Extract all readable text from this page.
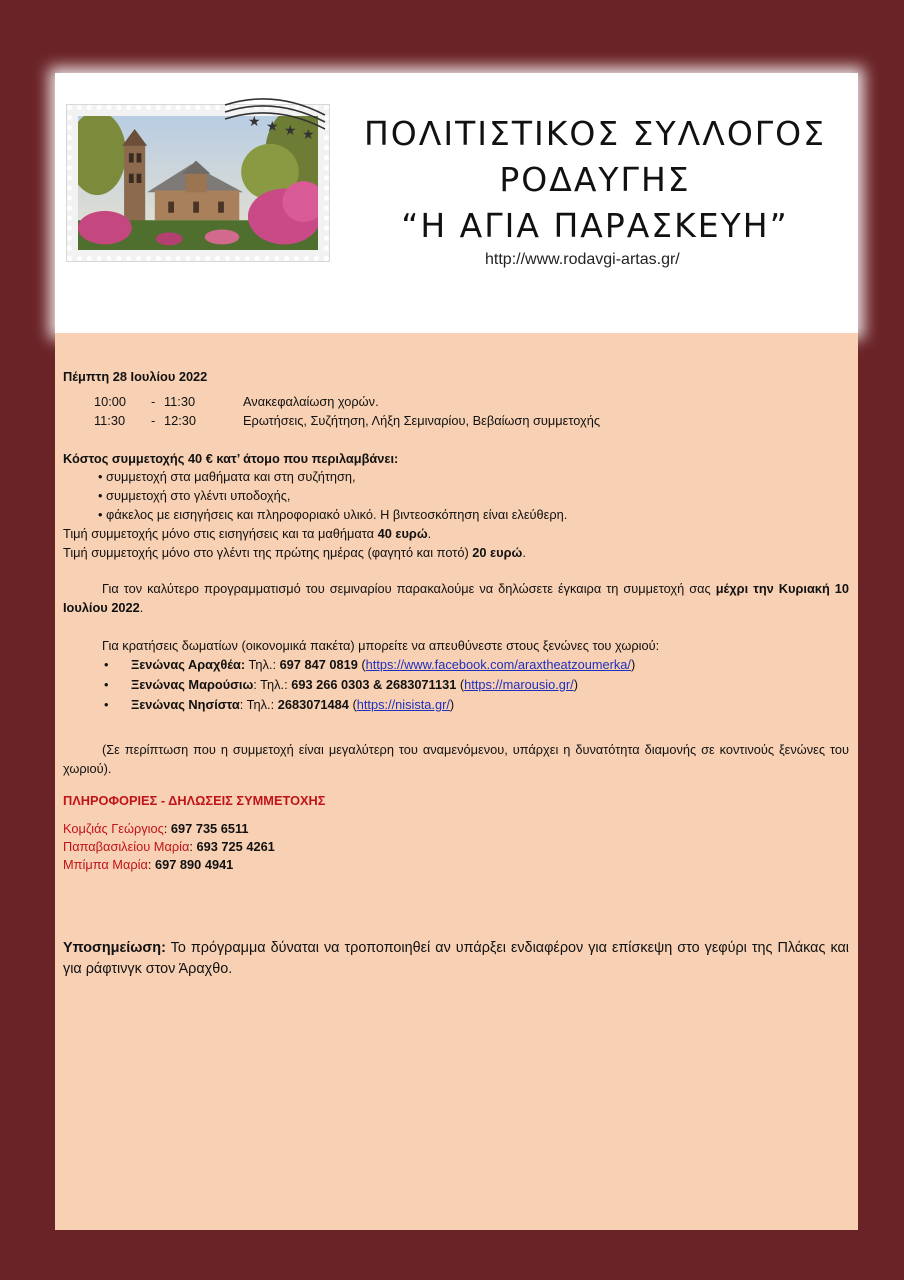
★ ★ ★ ★	ΠΟΛΙΤΙΣΤΙΚΟΣ ΣΥΛΛΟΓΟΣ
ΡΟΔΑΥΓΗΣ
“Η ΑΓΙΑ ΠΑΡΑΣΚΕΥΗ”
http://www.rodavgi-artas.gr/
Πέμπτη 28 Ιουλίου 2022
10:00 - 11:30	Ανακεφαλαίωση χορών.
11:30 - 12:30	Ερωτήσεις, Συζήτηση, Λήξη Σεμιναρίου, Βεβαίωση συμμετοχής
Κόστος συμμετοχής 40 € κατ’ άτομο που περιλαμβάνει:
• συμμετοχή στα μαθήματα και στη συζήτηση,
• συμμετοχή στο γλέντι υποδοχής,
• φάκελος με εισηγήσεις και πληροφοριακό υλικό. Η βιντεοσκόπηση είναι ελεύθερη.
Τιμή συμμετοχής μόνο στις εισηγήσεις και τα μαθήματα 40 ευρώ.
Τιμή συμμετοχής μόνο στο γλέντι της πρώτης ημέρας (φαγητό και ποτό) 20 ευρώ.
Για τον καλύτερο προγραμματισμό του σεμιναρίου παρακαλούμε να δηλώσετε έγκαιρα τη συμμετοχή σας μέχρι την Κυριακή 10 Ιουλίου 2022.
Για κρατήσεις δωματίων (οικονομικά πακέτα) μπορείτε να απευθύνεστε στους ξενώνες του χωριού:
• Ξενώνας Αραχθέα: Τηλ.: 697 847 0819 (https://www.facebook.com/araxtheatzoumerka/)
• Ξενώνας Μαρούσιω: Τηλ.: 693 266 0303 & 2683071131 (https://marousio.gr/)
• Ξενώνας Νησίστα: Τηλ.: 2683071484 (https://nisista.gr/)
(Σε περίπτωση που η συμμετοχή είναι μεγαλύτερη του αναμενόμενου, υπάρχει η δυνατότητα διαμονής σε κοντινούς ξενώνες του χωριού).
ΠΛΗΡΟΦΟΡΙΕΣ - ΔΗΛΩΣΕΙΣ ΣΥΜΜΕΤΟΧΗΣ
Κομζιάς Γεώργιος: 697 735 6511
Παπαβασιλείου Μαρία: 693 725 4261
Μπίμπα Μαρία: 697 890 4941
Υποσημείωση: Το πρόγραμμα δύναται να τροποποιηθεί αν υπάρξει ενδιαφέρον για επίσκεψη στο γεφύρι της Πλάκας και για ράφτινγκ στον Άραχθο.
